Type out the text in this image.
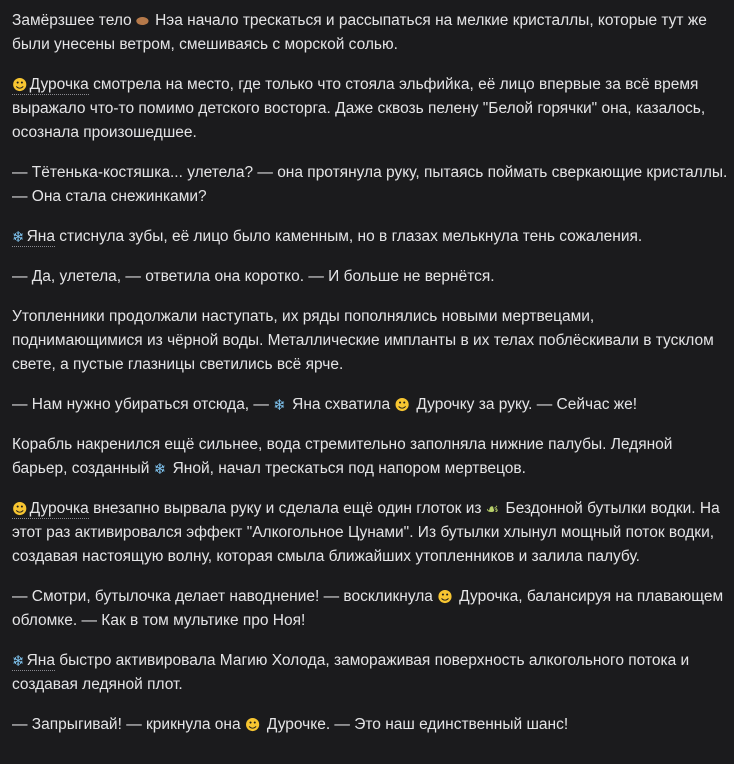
Замёрзшее тело ⬬ Нэа начало трескаться и рассыпаться на мелкие кристаллы, которые тут же были унесены ветром, смешиваясь с морской солью.

☻ Дурочка смотрела на место, где только что стояла эльфийка, её лицо впервые за всё время выражало что-то помимо детского восторга. Даже сквозь пелену "Белой горячки" она, казалось, осознала произошедшее.

— Тётенька-костяшка... улетела? — она протянула руку, пытаясь поймать сверкающие кристаллы. — Она стала снежинками?

❄ Яна стиснула зубы, её лицо было каменным, но в глазах мелькнула тень сожаления.

— Да, улетела, — ответила она коротко. — И больше не вернётся.

Утопленники продолжали наступать, их ряды пополнялись новыми мертвецами, поднимающимися из чёрной воды. Металлические импланты в их телах поблёскивали в тусклом свете, а пустые глазницы светились всё ярче.

— Нам нужно убираться отсюда, — ❄ Яна схватила ☻ Дурочку за руку. — Сейчас же!

Корабль накренился ещё сильнее, вода стремительно заполняла нижние палубы. Ледяной барьер, созданный ❄ Яной, начал трескаться под напором мертвецов.

☻ Дурочка внезапно вырвала руку и сделала ещё один глоток из ☙ Бездонной бутылки водки. На этот раз активировался эффект "Алкогольное Цунами". Из бутылки хлынул мощный поток водки, создавая настоящую волну, которая смыла ближайших утопленников и залила палубу.

— Смотри, бутылочка делает наводнение! — воскликнула ☻ Дурочка, балансируя на плавающем обломке. — Как в том мультике про Ноя!

❄ Яна быстро активировала Магию Холода, замораживая поверхность алкогольного потока и создавая ледяной плот.

— Запрыгивай! — крикнула она ☻ Дурочке. — Это наш единственный шанс!
